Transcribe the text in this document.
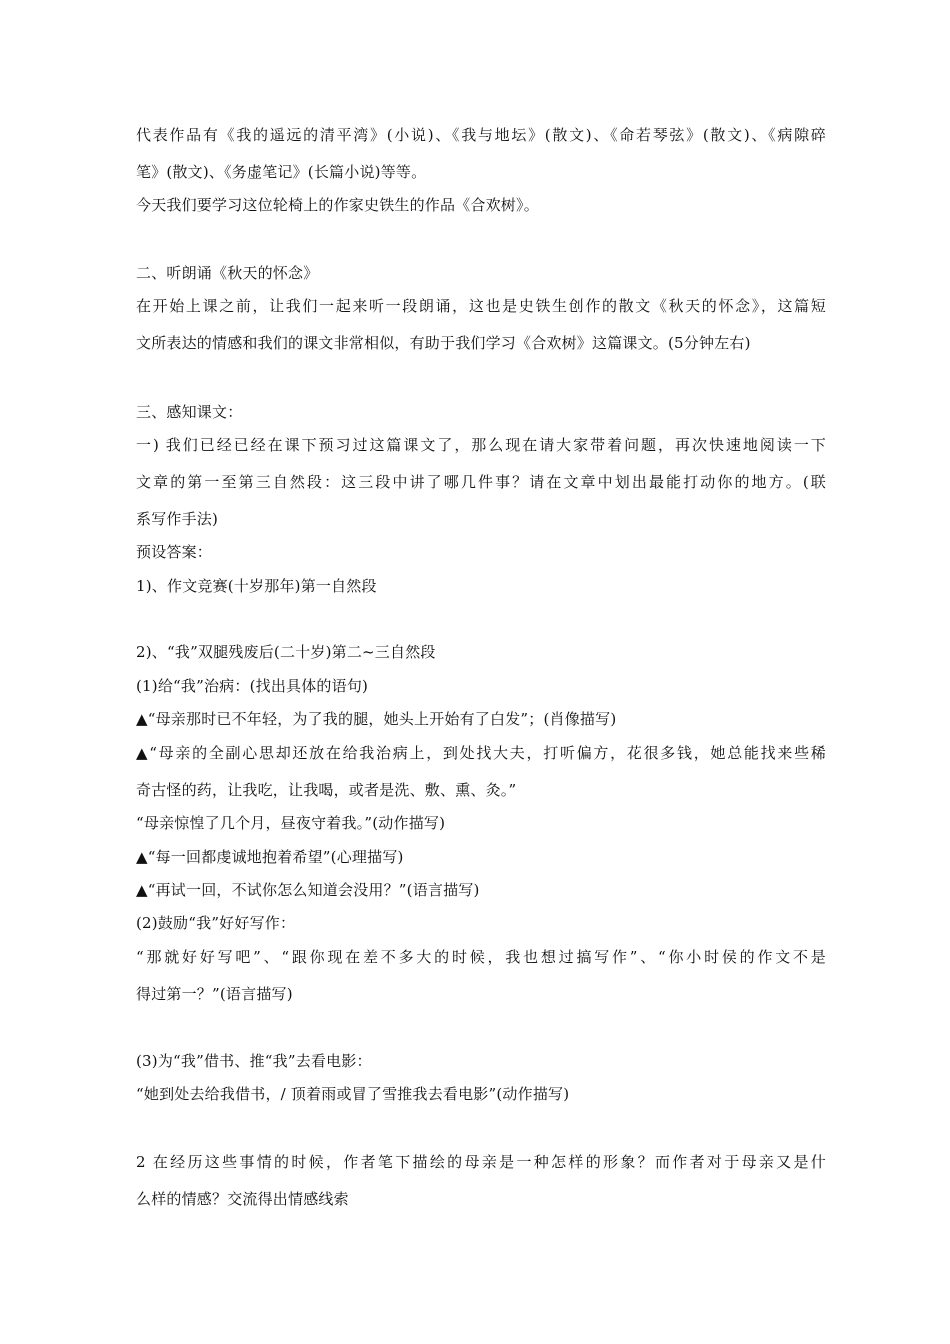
代表作品有《我的遥远的清平湾》(小说)、《我与地坛》(散文)、《命若琴弦》(散文)、《病隙碎
笔》(散文)、《务虚笔记》(长篇小说)等等。
今天我们要学习这位轮椅上的作家史铁生的作品《合欢树》。
二、听朗诵《秋天的怀念》
在开始上课之前，让我们一起来听一段朗诵，这也是史铁生创作的散文《秋天的怀念》，这篇短
文所表达的情感和我们的课文非常相似，有助于我们学习《合欢树》这篇课文。(5分钟左右)
三、感知课文：
一) 我们已经已经在课下预习过这篇课文了，那么现在请大家带着问题，再次快速地阅读一下
文章的第一至第三自然段：这三段中讲了哪几件事？请在文章中划出最能打动你的地方。(联
系写作手法)
预设答案：
1)、作文竞赛(十岁那年)第一自然段
2)、“我”双腿残废后(二十岁)第二~三自然段
(1)给“我”治病：(找出具体的语句)
▲“母亲那时已不年轻，为了我的腿，她头上开始有了白发”；(肖像描写)
▲“母亲的全副心思却还放在给我治病上，到处找大夫，打听偏方，花很多钱，她总能找来些稀
奇古怪的药，让我吃，让我喝，或者是洗、敷、熏、灸。”
“母亲惊惶了几个月，昼夜守着我。”(动作描写)
▲“每一回都虔诚地抱着希望”(心理描写)
▲“再试一回，不试你怎么知道会没用？”(语言描写)
(2)鼓励“我”好好写作：
“那就好好写吧”、“跟你现在差不多大的时候，我也想过搞写作”、“你小时侯的作文不是
得过第一？”(语言描写)
(3)为“我”借书、推“我”去看电影：
“她到处去给我借书，/ 顶着雨或冒了雪推我去看电影”(动作描写)
2 在经历这些事情的时候，作者笔下描绘的母亲是一种怎样的形象？而作者对于母亲又是什
么样的情感？交流得出情感线索
